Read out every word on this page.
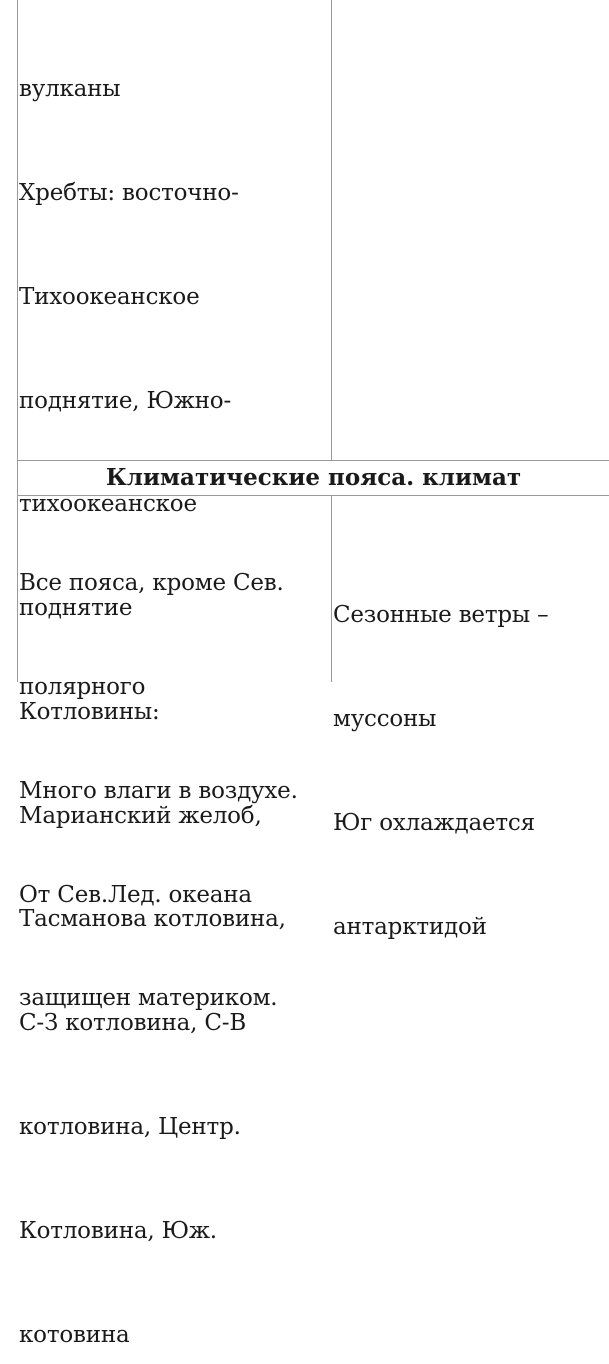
вулканы

Хребты: восточно-

Тихоокеанское

поднятие, Южно-

тихоокеанское

поднятие

Котловины:

Марианский желоб,

Тасманова котловина,

С-З котловина, С-В

котловина, Центр.

Котловина, Юж.

котовина

Климатические пояса. климат

Все пояса, кроме Сев.

полярного

Много влаги в воздухе.

От Сев.Лед. океана

защищен материком.

Сезонные ветры –

муссоны

Юг охлаждается

антарктидой
